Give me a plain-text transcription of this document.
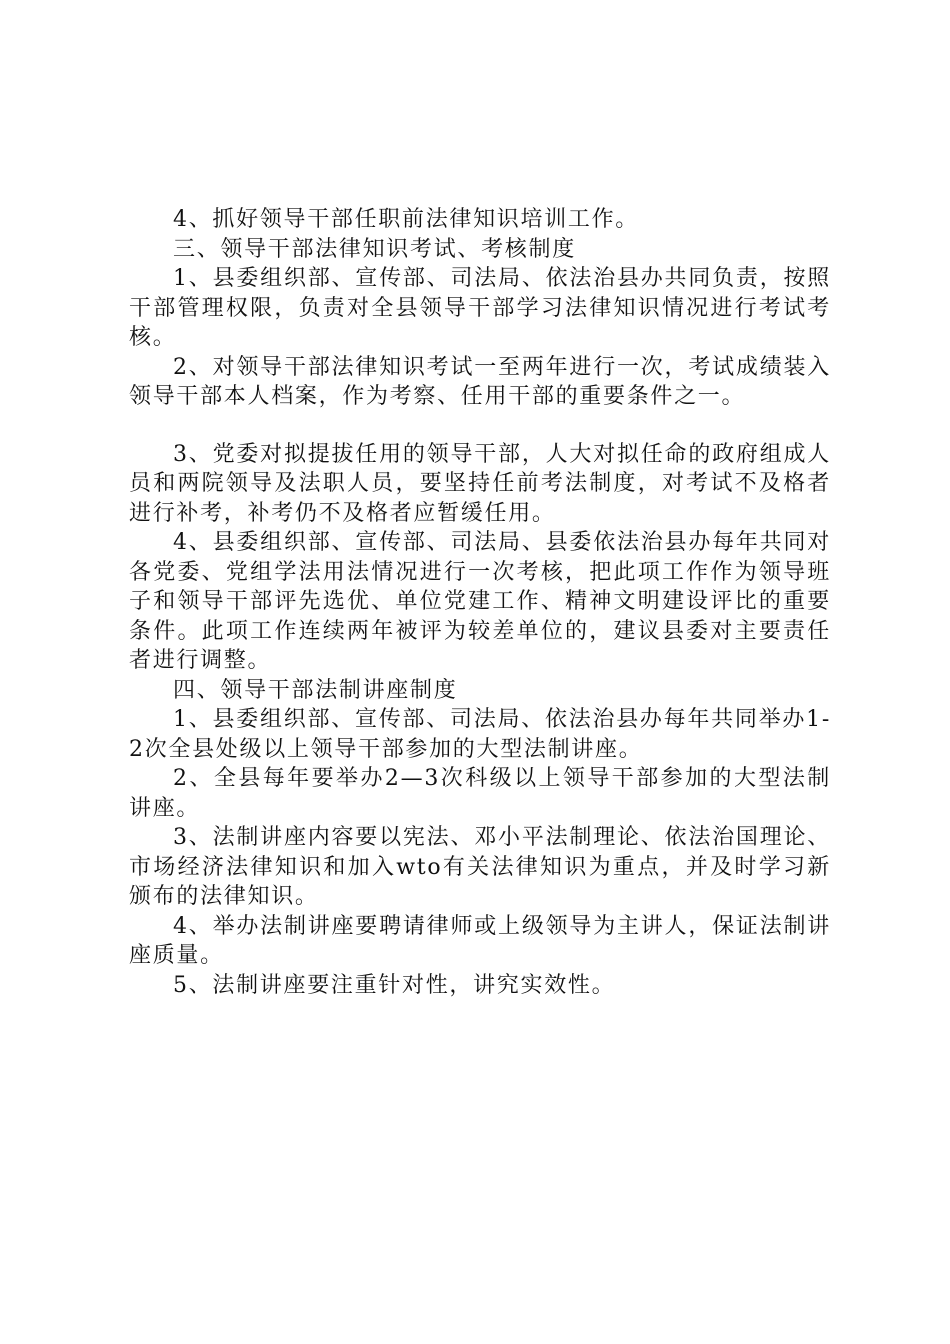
4、抓好领导干部任职前法律知识培训工作。

三、领导干部法律知识考试、考核制度

1、县委组织部、宣传部、司法局、依法治县办共同负责，按照干部管理权限，负责对全县领导干部学习法律知识情况进行考试考核。

2、对领导干部法律知识考试一至两年进行一次，考试成绩装入领导干部本人档案，作为考察、任用干部的重要条件之一。

3、党委对拟提拔任用的领导干部，人大对拟任命的政府组成人员和两院领导及法职人员，要坚持任前考法制度，对考试不及格者进行补考，补考仍不及格者应暂缓任用。

4、县委组织部、宣传部、司法局、县委依法治县办每年共同对各党委、党组学法用法情况进行一次考核，把此项工作作为领导班子和领导干部评先选优、单位党建工作、精神文明建设评比的重要条件。此项工作连续两年被评为较差单位的，建议县委对主要责任者进行调整。

四、领导干部法制讲座制度

1、县委组织部、宣传部、司法局、依法治县办每年共同举办1-2次全县处级以上领导干部参加的大型法制讲座。

2、全县每年要举办2—3次科级以上领导干部参加的大型法制讲座。

3、法制讲座内容要以宪法、邓小平法制理论、依法治国理论、市场经济法律知识和加入wto有关法律知识为重点，并及时学习新颁布的法律知识。

4、举办法制讲座要聘请律师或上级领导为主讲人，保证法制讲座质量。

5、法制讲座要注重针对性，讲究实效性。
